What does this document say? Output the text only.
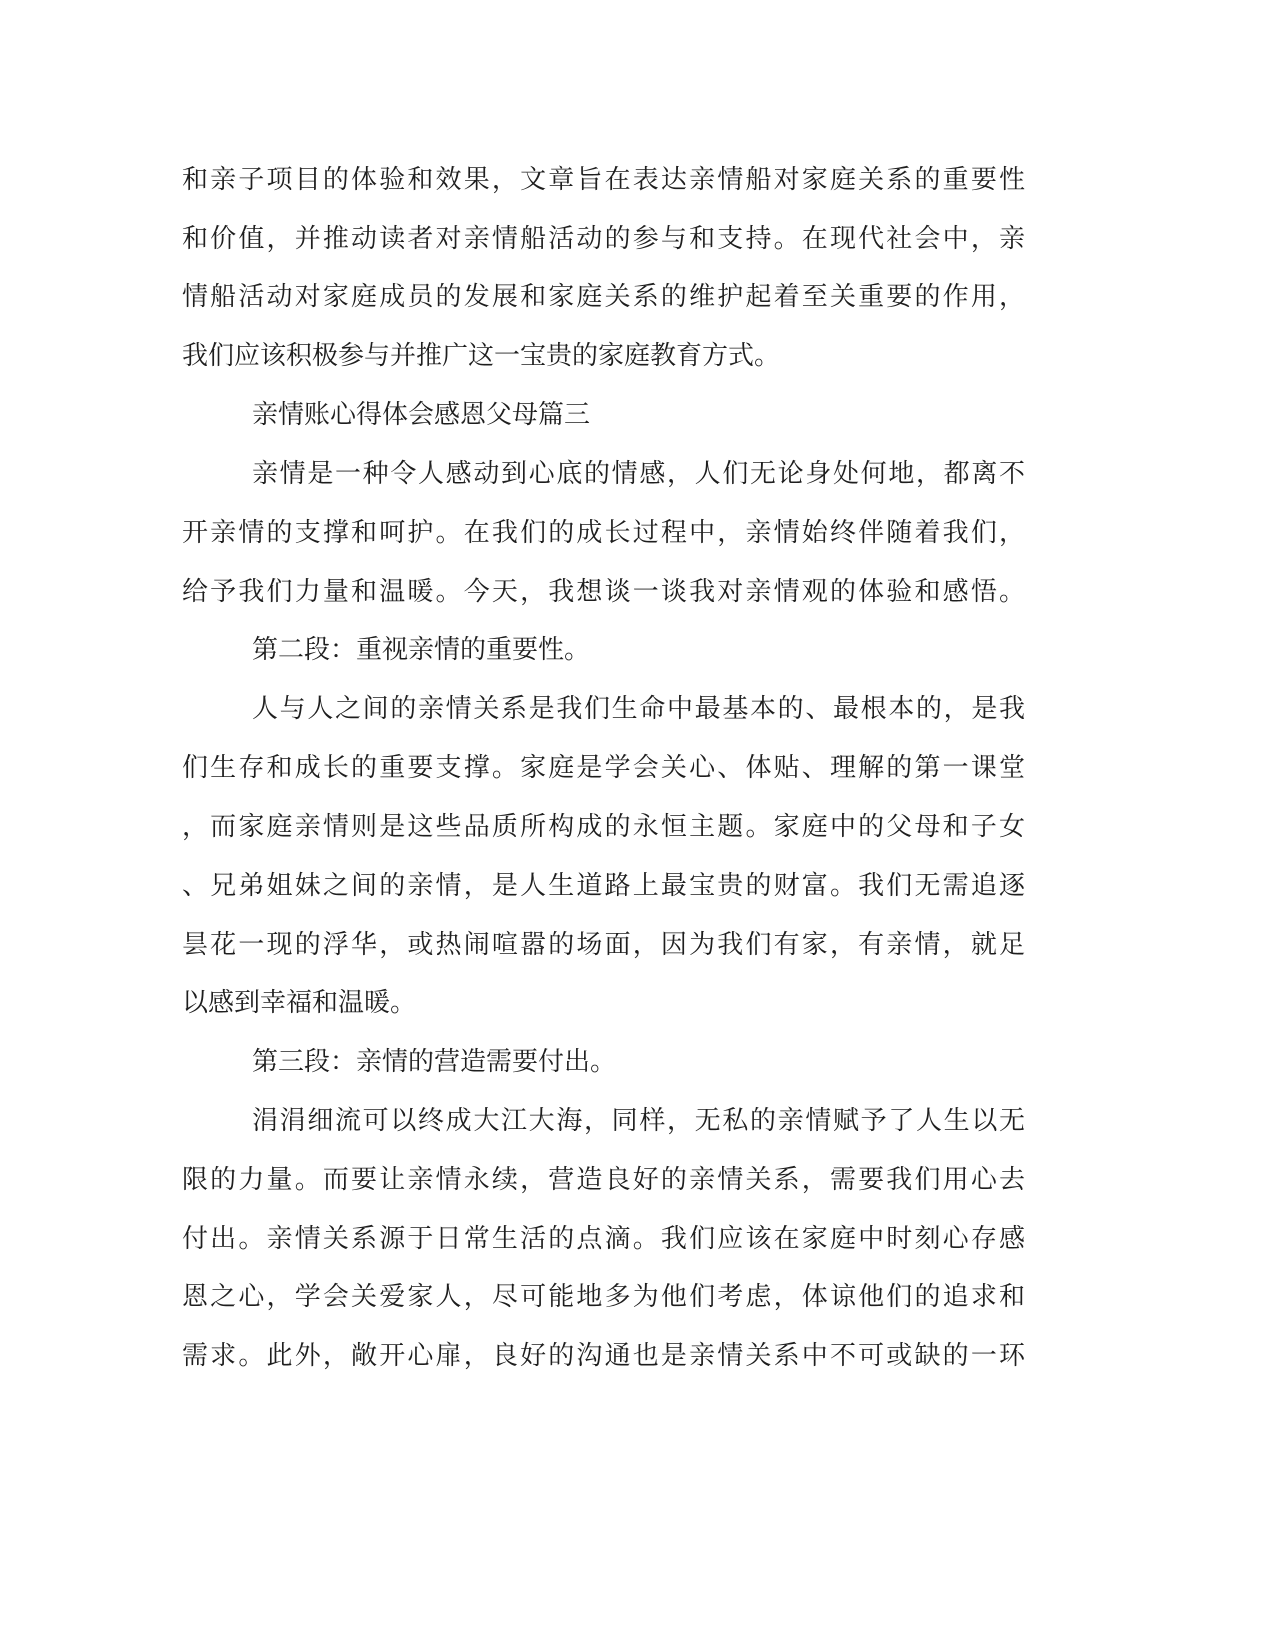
和亲子项目的体验和效果，文章旨在表达亲情船对家庭关系的重要性
和价值，并推动读者对亲情船活动的参与和支持。在现代社会中，亲
情船活动对家庭成员的发展和家庭关系的维护起着至关重要的作用，
我们应该积极参与并推广这一宝贵的家庭教育方式。
亲情账心得体会感恩父母篇三
亲情是一种令人感动到心底的情感，人们无论身处何地，都离不
开亲情的支撑和呵护。在我们的成长过程中，亲情始终伴随着我们，
给予我们力量和温暖。今天，我想谈一谈我对亲情观的体验和感悟。
第二段：重视亲情的重要性。
人与人之间的亲情关系是我们生命中最基本的、最根本的，是我
们生存和成长的重要支撑。家庭是学会关心、体贴、理解的第一课堂
，而家庭亲情则是这些品质所构成的永恒主题。家庭中的父母和子女
、兄弟姐妹之间的亲情，是人生道路上最宝贵的财富。我们无需追逐
昙花一现的浮华，或热闹喧嚣的场面，因为我们有家，有亲情，就足
以感到幸福和温暖。
第三段：亲情的营造需要付出。
涓涓细流可以终成大江大海，同样，无私的亲情赋予了人生以无
限的力量。而要让亲情永续，营造良好的亲情关系，需要我们用心去
付出。亲情关系源于日常生活的点滴。我们应该在家庭中时刻心存感
恩之心，学会关爱家人，尽可能地多为他们考虑，体谅他们的追求和
需求。此外，敞开心扉，良好的沟通也是亲情关系中不可或缺的一环
